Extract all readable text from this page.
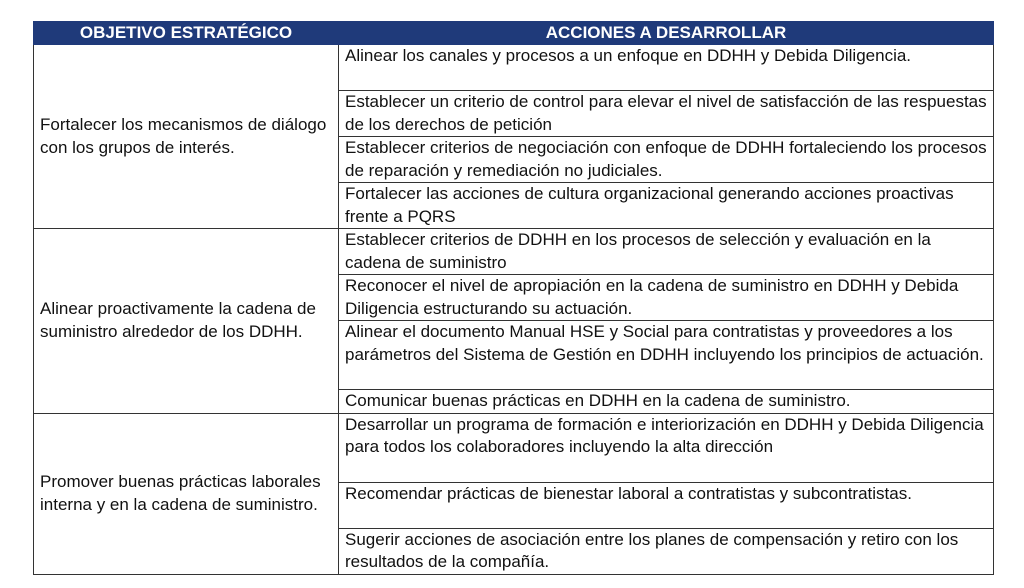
OBJETIVO ESTRATÉGICO	ACCIONES A DESARROLLAR
Fortalecer los mecanismos de diálogo con los grupos de interés.	Alinear los canales y procesos a un enfoque en DDHH y Debida Diligencia.
	Establecer un criterio de control para elevar el nivel de satisfacción de las respuestas de los derechos de petición
	Establecer criterios de negociación con enfoque de DDHH fortaleciendo los procesos de reparación y remediación no judiciales.
	Fortalecer las acciones de cultura organizacional generando acciones proactivas frente a PQRS
Alinear proactivamente la cadena de suministro alrededor de los DDHH.	Establecer criterios de DDHH en los procesos de selección y evaluación en la cadena de suministro
	Reconocer el nivel de apropiación en la cadena de suministro en DDHH y Debida Diligencia estructurando su actuación.
	Alinear el documento Manual HSE y Social para contratistas y proveedores a los parámetros del Sistema de Gestión en DDHH incluyendo los principios de actuación.
	Comunicar buenas prácticas en DDHH en la cadena de suministro.
Promover buenas prácticas laborales interna y en la cadena de suministro.	Desarrollar un programa de formación e interiorización en DDHH y Debida Diligencia para todos los colaboradores incluyendo la alta dirección
	Recomendar prácticas de bienestar laboral a contratistas y subcontratistas.
	Sugerir acciones de asociación entre los planes de compensación y retiro con los resultados de la compañía.
